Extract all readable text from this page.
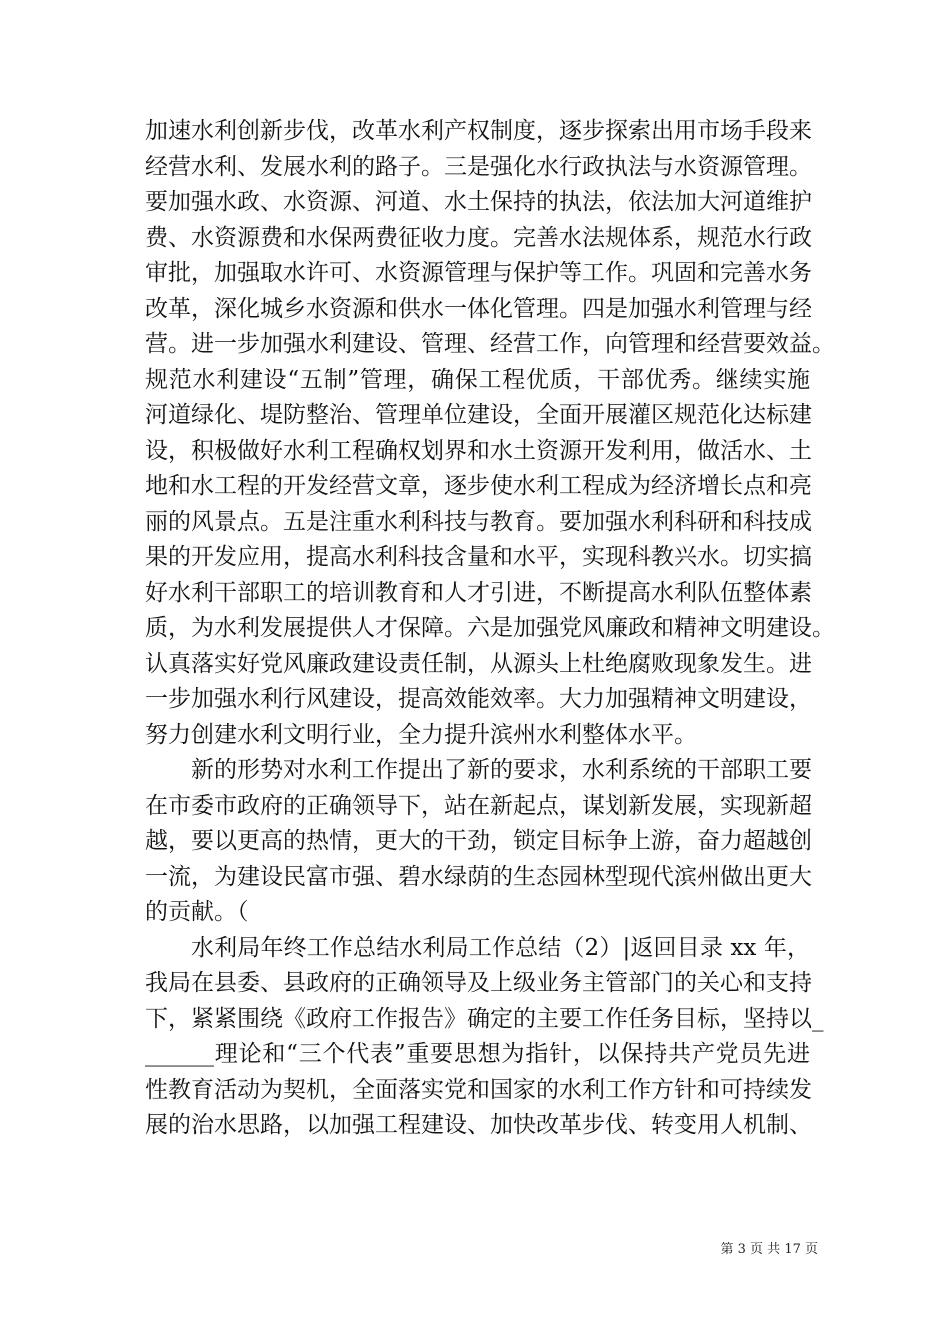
加速水利创新步伐，改革水利产权制度，逐步探索出用市场手段来
经营水利、发展水利的路子。三是强化水行政执法与水资源管理。
要加强水政、水资源、河道、水土保持的执法，依法加大河道维护
费、水资源费和水保两费征收力度。完善水法规体系，规范水行政
审批，加强取水许可、水资源管理与保护等工作。巩固和完善水务
改革，深化城乡水资源和供水一体化管理。四是加强水利管理与经
营。进一步加强水利建设、管理、经营工作，向管理和经营要效益。
规范水利建设“五制”管理，确保工程优质，干部优秀。继续实施
河道绿化、堤防整治、管理单位建设，全面开展灌区规范化达标建
设，积极做好水利工程确权划界和水土资源开发利用，做活水、土
地和水工程的开发经营文章，逐步使水利工程成为经济增长点和亮
丽的风景点。五是注重水利科技与教育。要加强水利科研和科技成
果的开发应用，提高水利科技含量和水平，实现科教兴水。切实搞
好水利干部职工的培训教育和人才引进，不断提高水利队伍整体素
质，为水利发展提供人才保障。六是加强党风廉政和精神文明建设。
认真落实好党风廉政建设责任制，从源头上杜绝腐败现象发生。进
一步加强水利行风建设，提高效能效率。大力加强精神文明建设，
努力创建水利文明行业，全力提升滨州水利整体水平。
新的形势对水利工作提出了新的要求，水利系统的干部职工要
在市委市政府的正确领导下，站在新起点，谋划新发展，实现新超
越，要以更高的热情，更大的干劲，锁定目标争上游，奋力超越创
一流，为建设民富市强、碧水绿荫的生态园林型现代滨州做出更大
的贡献。（
水利局年终工作总结水利局工作总结（2）|返回目录 xx 年，
我局在县委、县政府的正确领导及上级业务主管部门的关心和支持
下，紧紧围绕《政府工作报告》确定的主要工作任务目标，坚持以_
______理论和“三个代表”重要思想为指针，以保持共产党员先进
性教育活动为契机，全面落实党和国家的水利工作方针和可持续发
展的治水思路，以加强工程建设、加快改革步伐、转变用人机制、
第 3 页 共 17 页
